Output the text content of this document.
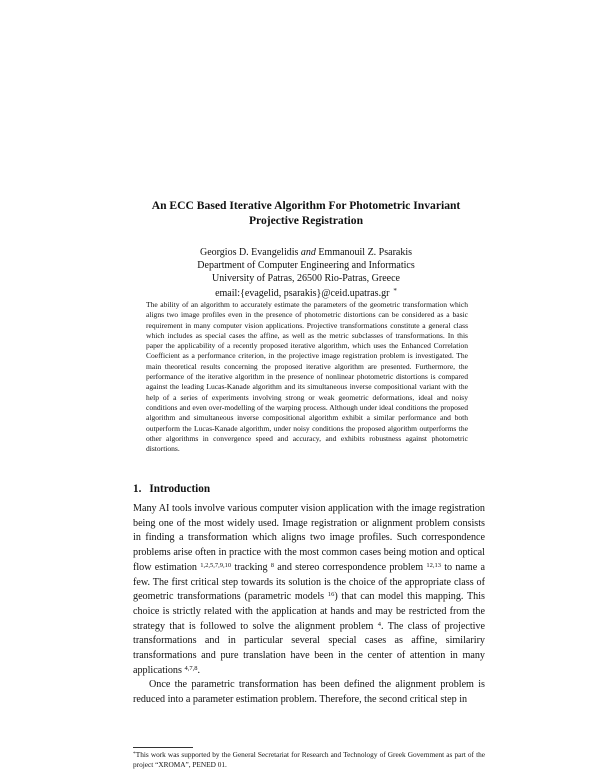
An ECC Based Iterative Algorithm For Photometric Invariant
Projective Registration
Georgios D. Evangelidis and Emmanouil Z. Psarakis
Department of Computer Engineering and Informatics
University of Patras, 26500 Rio-Patras, Greece
email:{evagelid, psarakis}@ceid.upatras.gr *
The ability of an algorithm to accurately estimate the parameters of the geometric transformation which aligns two image profiles even in the presence of photometric distortions can be considered as a basic requirement in many computer vision applications. Projective transformations constitute a general class which includes as special cases the affine, as well as the metric subclasses of transformations. In this paper the applicability of a recently proposed iterative algorithm, which uses the Enhanced Correlation Coefficient as a performance criterion, in the projective image registration problem is investigated. The main theoretical results concerning the proposed iterative algorithm are presented. Furthermore, the performance of the iterative algorithm in the presence of nonlinear photometric distortions is compared against the leading Lucas-Kanade algorithm and its simultaneous inverse compositional variant with the help of a series of experiments involving strong or weak geometric deformations, ideal and noisy conditions and even over-modelling of the warping process. Although under ideal conditions the proposed algorithm and simultaneous inverse compositional algorithm exhibit a similar performance and both outperform the Lucas-Kanade algorithm, under noisy conditions the proposed algorithm outperforms the other algorithms in convergence speed and accuracy, and exhibits robustness against photometric distortions.
1. Introduction

Many AI tools involve various computer vision application with the image registration being one of the most widely used. Image registration or alignment problem consists in finding a transformation which aligns two image profiles. Such correspondence problems arise often in practice with the most common cases being motion and optical flow estimation $^{1,2,5,7,9,10}$ tracking $^8$ and stereo correspondence problem $^{12,13}$ to name a few. The first critical step towards its solution is the choice of the appropriate class of geometric transformations (parametric models $^{16}$) that can model this mapping. This choice is strictly related with the application at hands and may be restricted from the strategy that is followed to solve the alignment problem $^4$. The class of projective transformations and in particular several special cases as affine, similariry transformations and pure translation have been in the center of attention in many applications $^{4,7,8}$.

Once the parametric transformation has been defined the alignment problem is reduced into a parameter estimation problem. Therefore, the second critical step in

*This work was supported by the General Secretariat for Research and Technology of Greek Government as part of the project “XROMA”, PENED 01.
